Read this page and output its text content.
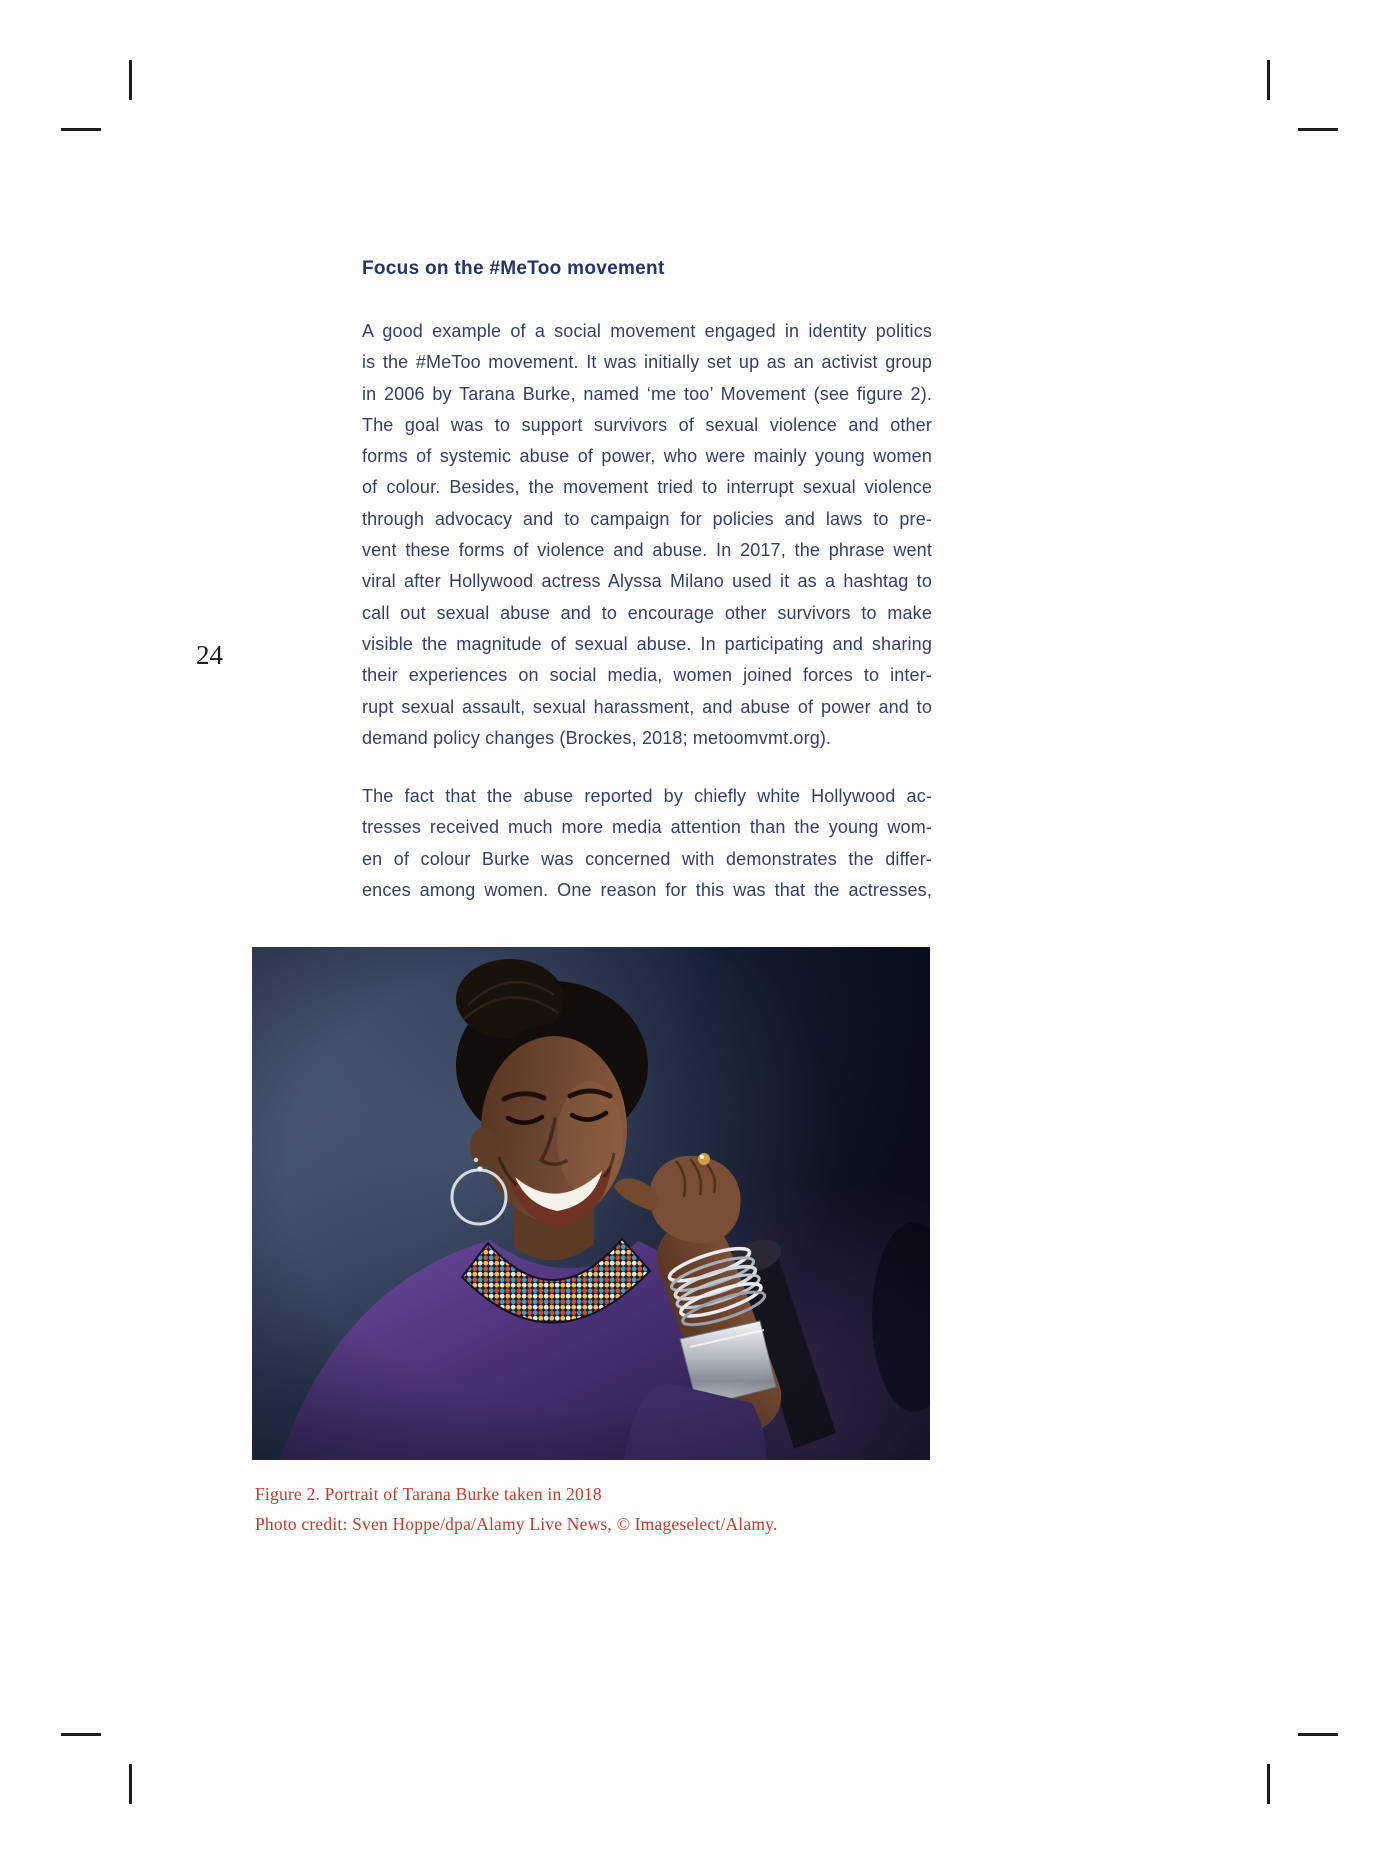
24
Focus on the #MeToo movement
A good example of a social movement engaged in identity politics
is the #MeToo movement. It was initially set up as an activist group
in 2006 by Tarana Burke, named ‘me too’ Movement (see figure 2).
The goal was to support survivors of sexual violence and other
forms of systemic abuse of power, who were mainly young women
of colour. Besides, the movement tried to interrupt sexual violence
through advocacy and to campaign for policies and laws to pre-
vent these forms of violence and abuse. In 2017, the phrase went
viral after Hollywood actress Alyssa Milano used it as a hashtag to
call out sexual abuse and to encourage other survivors to make
visible the magnitude of sexual abuse. In participating and sharing
their experiences on social media, women joined forces to inter-
rupt sexual assault, sexual harassment, and abuse of power and to
demand policy changes (Brockes, 2018; metoomvmt.org).
The fact that the abuse reported by chiefly white Hollywood ac-
tresses received much more media attention than the young wom-
en of colour Burke was concerned with demonstrates the differ-
ences among women. One reason for this was that the actresses,
Figure 2. Portrait of Tarana Burke taken in 2018
Photo credit: Sven Hoppe/dpa/Alamy Live News, © Imageselect/Alamy.
